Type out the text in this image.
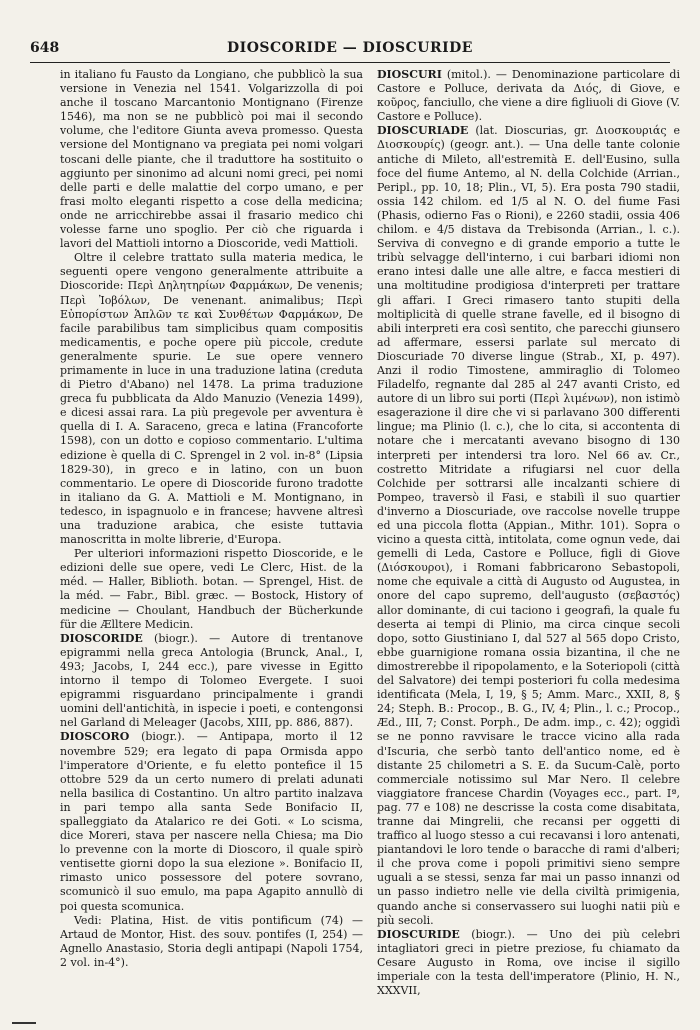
648	DIOSCORIDE — DIOSCURIDE

in italiano fu Fausto da Longiano, che pubblicò la sua versione in Venezia nel 1541. Volgarizzolla di poi anche il toscano Marcantonio Montignano (Firenze 1546), ma non se ne pubblicò poi mai il secondo volume, che l'editore Giunta aveva promesso. Questa versione del Montignano va pregiata pei nomi volgari toscani delle piante, che il traduttore ha sostituito o aggiunto per sinonimo ad alcuni nomi greci, pei nomi delle parti e delle malattie del corpo umano, e per frasi molto eleganti rispetto a cose della medicina; onde ne arricchirebbe assai il frasario medico chi volesse farne uno spoglio. Per ciò che riguarda i lavori del Mattioli intorno a Dioscoride, vedi Mattioli.

Oltre il celebre trattato sulla materia medica, le seguenti opere vengono generalmente attribuite a Dioscoride: Περὶ Δηλητηρίων Φαρμάκων, De venenis; Περὶ Ἰοβόλων, De venenant. animalibus; Περὶ Εὐπορίστων Ἁπλῶν τε καὶ Συνθέτων Φαρμάκων, De facile parabilibus tam simplicibus quam compositis medicamentis, e poche opere più piccole, credute generalmente spurie. Le sue opere vennero primamente in luce in una traduzione latina (creduta di Pietro d'Abano) nel 1478. La prima traduzione greca fu pubblicata da Aldo Manuzio (Venezia 1499), e dicesi assai rara. La più pregevole per avventura è quella di I. A. Saraceno, greca e latina (Francoforte 1598), con un dotto e copioso commentario. L'ultima edizione è quella di C. Sprengel in 2 vol. in-8° (Lipsia 1829-30), in greco e in latino, con un buon commentario. Le opere di Dioscoride furono tradotte in italiano da G. A. Mattioli e M. Montignano, in tedesco, in ispagnuolo e in francese; havvene altresì una traduzione arabica, che esiste tuttavia manoscritta in molte librerie, d'Europa.

Per ulteriori informazioni rispetto Dioscoride, e le edizioni delle sue opere, vedi Le Clerc, Hist. de la méd. — Haller, Biblioth. botan. — Sprengel, Hist. de la méd. — Fabr., Bibl. græc. — Bostock, History of medicine — Choulant, Handbuch der Bücherkunde für die Ælltere Medicin.

DIOSCORIDE (biogr.). — Autore di trentanove epigrammi nella greca Antologia (Brunck, Anal., I, 493; Jacobs, I, 244 ecc.), pare vivesse in Egitto intorno il tempo di Tolomeo Evergete. I suoi epigrammi risguardano principalmente i grandi uomini dell'antichità, in ispecie i poeti, e contengonsi nel Garland di Meleager (Jacobs, XIII, pp. 886, 887).

DIOSCORO (biogr.). — Antipapa, morto il 12 novembre 529; era legato di papa Ormisda appo l'imperatore d'Oriente, e fu eletto pontefice il 15 ottobre 529 da un certo numero di prelati adunati nella basilica di Costantino. Un altro partito inalzava in pari tempo alla santa Sede Bonifacio II, spalleggiato da Atalarico re dei Goti. « Lo scisma, dice Moreri, stava per nascere nella Chiesa; ma Dio lo prevenne con la morte di Dioscoro, il quale spirò ventisette giorni dopo la sua elezione ». Bonifacio II, rimasto unico possessore del potere sovrano, scomunicò il suo emulo, ma papa Agapito annullò di poi questa scomunica.

Vedi: Platina, Hist. de vitis pontificum (74) — Artaud de Montor, Hist. des souv. pontifes (I, 254) — Agnello Anastasio, Storia degli antipapi (Napoli 1754, 2 vol. in-4°).

DIOSCURI (mitol.). — Denominazione particolare di Castore e Polluce, derivata da Διός, di Giove, e κοῦρος, fanciullo, che viene a dire figliuoli di Giove (V. Castore e Polluce).

DIOSCURIADE (lat. Dioscurias, gr. Διοσκουριάς e Διοσκουρίς) (geogr. ant.). — Una delle tante colonie antiche di Mileto, all'estremità E. dell'Eusino, sulla foce del fiume Antemo, al N. della Colchide (Arrian., Peripl., pp. 10, 18; Plin., VI, 5). Era posta 790 stadii, ossia 142 chilom. ed 1/5 al N. O. del fiume Fasi (Phasis, odierno Fas o Rioni), e 2260 stadii, ossia 406 chilom. e 4/5 distava da Trebisonda (Arrian., l. c.). Serviva di convegno e di grande emporio a tutte le tribù selvagge dell'interno, i cui barbari idiomi non erano intesi dalle une alle altre, e facca mestieri di una moltitudine prodigiosa d'interpreti per trattare gli affari. I Greci rimasero tanto stupiti della moltiplicità di quelle strane favelle, ed il bisogno di abili interpreti era così sentito, che parecchi giunsero ad affermare, essersi parlate sul mercato di Dioscuriade 70 diverse lingue (Strab., XI, p. 497). Anzi il rodio Timostene, ammiraglio di Tolomeo Filadelfo, regnante dal 285 al 247 avanti Cristo, ed autore di un libro sui porti (Περὶ λιμένων), non istimò esagerazione il dire che vi si parlavano 300 differenti lingue; ma Plinio (l. c.), che lo cita, si accontenta di notare che i mercatanti avevano bisogno di 130 interpreti per intendersi tra loro. Nel 66 av. Cr., costretto Mitridate a rifugiarsi nel cuor della Colchide per sottrarsi alle incalzanti schiere di Pompeo, traversò il Fasi, e stabilì il suo quartier d'inverno a Dioscuriade, ove raccolse novelle truppe ed una piccola flotta (Appian., Mithr. 101). Sopra o vicino a questa città, intitolata, come ognun vede, dai gemelli di Leda, Castore e Polluce, figli di Giove (Διόσκουροι), i Romani fabbricarono Sebastopoli, nome che equivale a città di Augusto od Augustea, in onore del capo supremo, dell'augusto (σεβαστός) allor dominante, di cui taciono i geografi, la quale fu deserta ai tempi di Plinio, ma circa cinque secoli dopo, sotto Giustiniano I, dal 527 al 565 dopo Cristo, ebbe guarnigione romana ossia bizantina, il che ne dimostrerebbe il ripopolamento, e la Soteriopoli (città del Salvatore) dei tempi posteriori fu colla medesima identificata (Mela, I, 19, § 5; Amm. Marc., XXII, 8, § 24; Steph. B.: Procop., B. G., IV, 4; Plin., l. c.; Procop., Æd., III, 7; Const. Porph., De adm. imp., c. 42); oggidì se ne ponno ravvisare le tracce vicino alla rada d'Iscuria, che serbò tanto dell'antico nome, ed è distante 25 chilometri a S. E. da Sucum-Calè, porto commerciale notissimo sul Mar Nero. Il celebre viaggiatore francese Chardin (Voyages ecc., part. Iª, pag. 77 e 108) ne descrisse la costa come disabitata, tranne dai Mingrelii, che recansi per oggetti di traffico al luogo stesso a cui recavansi i loro antenati, piantandovi le loro tende o baracche di rami d'alberi; il che prova come i popoli primitivi sieno sempre uguali a se stessi, senza far mai un passo innanzi od un passo indietro nelle vie della civiltà primigenia, quando anche si conservassero sui luoghi natii più e più secoli.

DIOSCURIDE (biogr.). — Uno dei più celebri intagliatori greci in pietre preziose, fu chiamato da Cesare Augusto in Roma, ove incise il sigillo imperiale con la testa dell'imperatore (Plinio, H. N., XXXVII,
